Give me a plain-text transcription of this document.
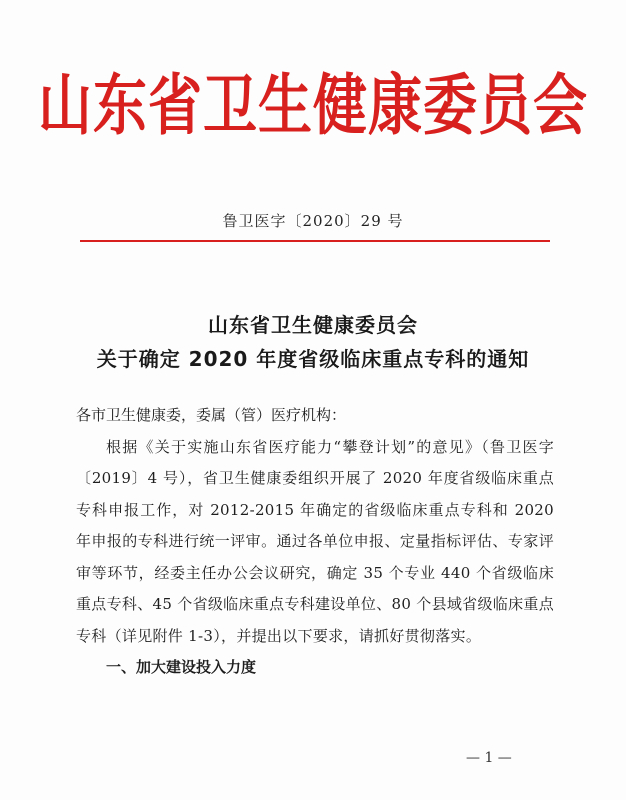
山东省卫生健康委员会
鲁卫医字〔2020〕29 号
山东省卫生健康委员会
关于确定 2020 年度省级临床重点专科的通知

各市卫生健康委，委属（管）医疗机构：

根据《关于实施山东省医疗能力“攀登计划”的意见》（鲁卫医字〔2019〕4 号），省卫生健康委组织开展了 2020 年度省级临床重点专科申报工作，对 2012-2015 年确定的省级临床重点专科和 2020 年申报的专科进行统一评审。通过各单位申报、定量指标评估、专家评审等环节，经委主任办公会议研究，确定 35 个专业 440 个省级临床重点专科、45 个省级临床重点专科建设单位、80 个县域省级临床重点专科（详见附件 1-3），并提出以下要求，请抓好贯彻落实。

一、加大建设投入力度

— 1 —
